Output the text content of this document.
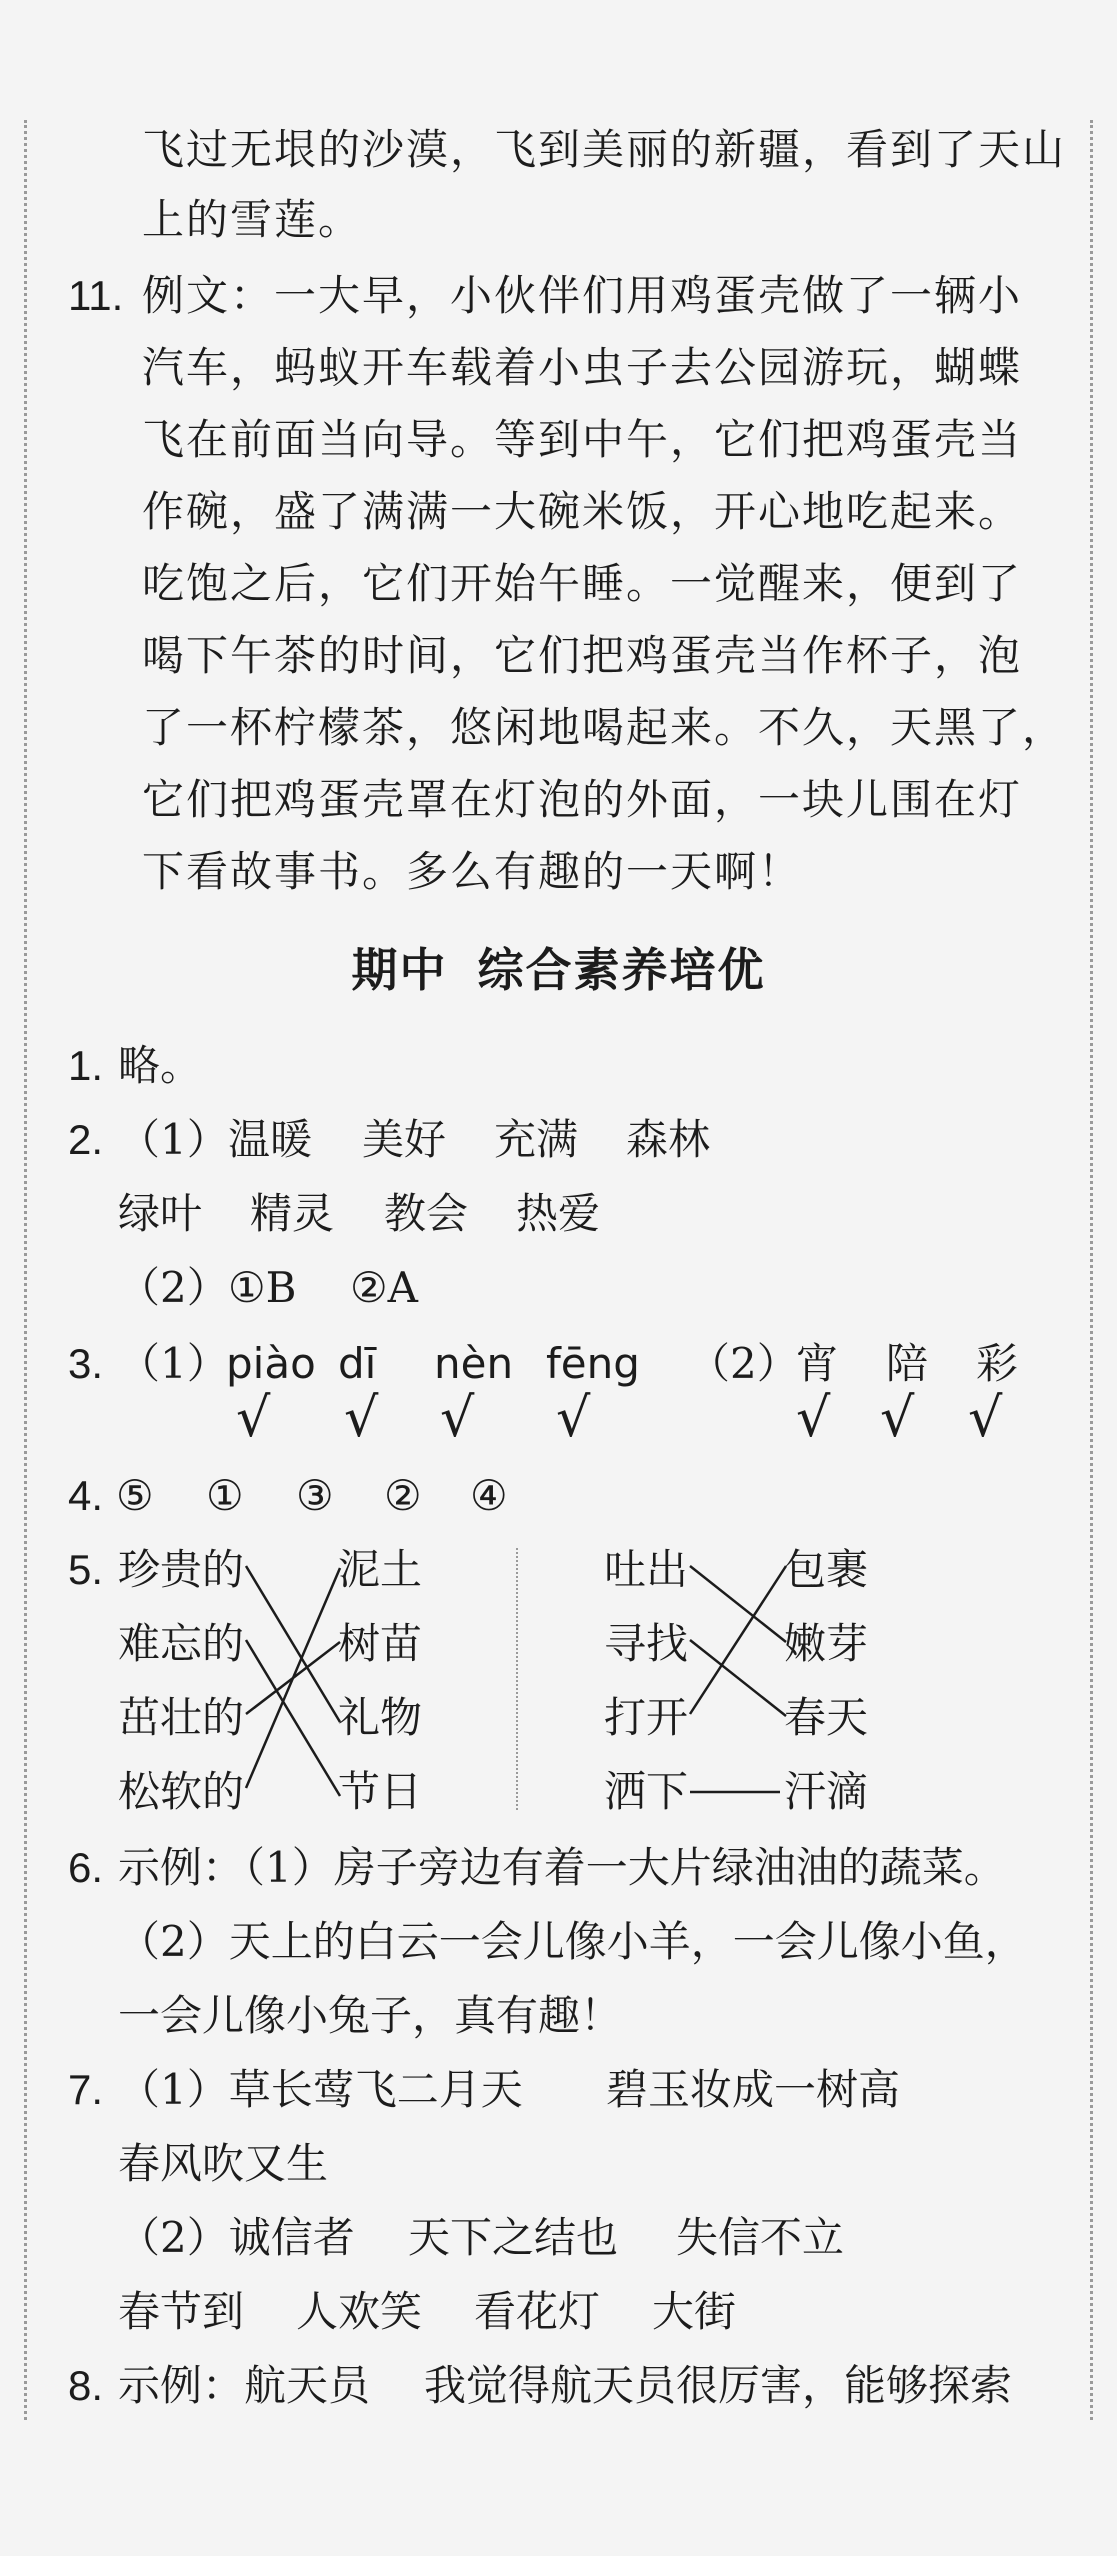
飞过无垠的沙漠，飞到美丽的新疆，看到了天山
上的雪莲。
11. 例文：一大早，小伙伴们用鸡蛋壳做了一辆小
汽车，蚂蚁开车载着小虫子去公园游玩，蝴蝶
飞在前面当向导。等到中午，它们把鸡蛋壳当
作碗，盛了满满一大碗米饭，开心地吃起来。
吃饱之后，它们开始午睡。一觉醒来，便到了
喝下午茶的时间，它们把鸡蛋壳当作杯子，泡
了一杯柠檬茶，悠闲地喝起来。不久，天黑了，
它们把鸡蛋壳罩在灯泡的外面，一块儿围在灯
下看故事书。多么有趣的一天啊！
期中 综合素养培优
1. 略。
2. （1） 温暖 美好 充满 森林
绿叶 精灵 教会 热爱
（2） ①B ②A
3. （1）
piào dī nèn fēng （2）
宵 陪 彩
√ √ √ √	√ √ √
4. ⑤ ① ③ ② ④
5. 珍贵的
难忘的
茁壮的
松软的
泥土
树苗
礼物
节日
吐出
寻找
打开
洒下
包裹
嫩芽
春天
汗滴
6. 示例：（1）房子旁边有着一大片绿油油的蔬菜。
（2）天上的白云一会儿像小羊，一会儿像小鱼，
一会儿像小兔子，真有趣！
7. （1）草长莺飞二月天 碧玉妆成一树高
春风吹又生
（2）诚信者 天下之结也 失信不立
春节到 人欢笑 看花灯 大街
8. 示例：航天员 我觉得航天员很厉害，能够探索
